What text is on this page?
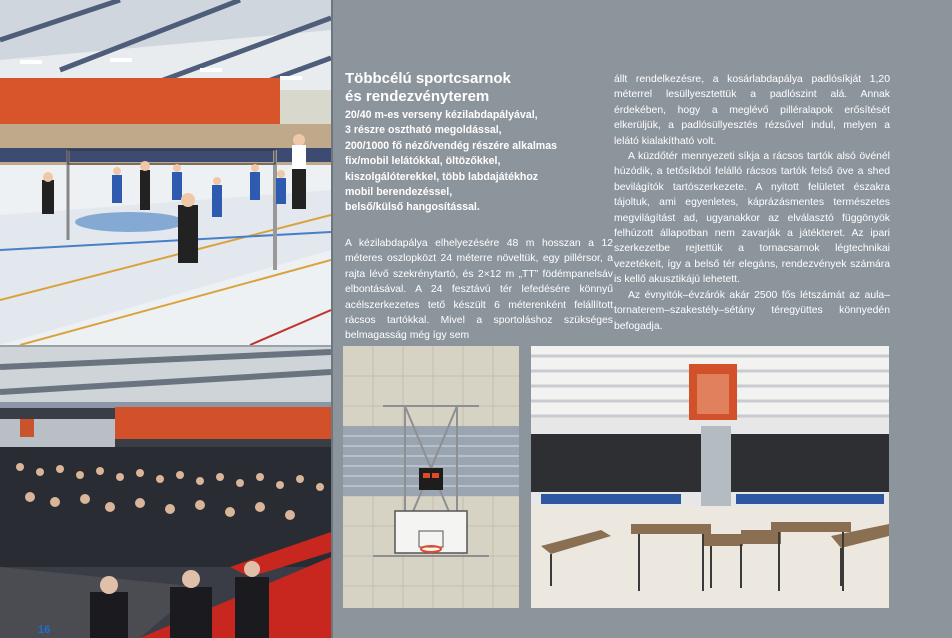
16
Többcélú sportcsarnok
és rendezvényterem
20/40 m-es verseny kézilabdapályával,
3 részre osztható megoldással,
200/1000 fő néző/vendég részére alkalmas
fix/mobil lelátókkal, öltözőkkel,
kiszolgálóterekkel, több labdajátékhoz
mobil berendezéssel,
belső/külső hangosítással.

A kézilabdapálya elhelyezésére 48 m hosszan a 12 méteres oszlopközt 24 méterre növeltük, egy pillérsor, a rajta lévő szekrénytartó, és 2×12 m „TT” födémpanelsáv elbontásával. A 24 fesztávú tér lefedésére könnyű acélszerkezetes tető készült 6 méterenként felállított rácsos tartókkal. Mivel a sportoláshoz szükséges belmagasság még így sem

állt rendelkezésre, a kosárlabdapálya padlósíkját 1,20 méterrel lesüllyesztettük a padlószint alá. Annak érdekében, hogy a meglévő pilléralapok erősítését elkerüljük, a padlósüllyesztés rézsűvel indul, melyen a lelátó kialakítható volt.

A küzdőtér mennyezeti síkja a rácsos tartók alsó övénél húzódik, a tetősíkból felálló rácsos tartók felső öve a shed bevilágítók tartószerkezete. A nyitott felületet északra tájoltuk, ami egyenletes, káprázásmentes természetes megvilágítást ad, ugyanakkor az elválasztó függönyök felhúzott állapotban nem zavarják a játékteret. Az ipari szerkezetbe rejtettük a tornacsarnok légtechnikai vezetékeit, így a belső tér elegáns, rendezvények számára is kellő akusztikájú lehetett.

Az évnyitók–évzárók akár 2500 fős létszámát az aula–tornaterem–szakestély–sétány téregyüttes könnyedén befogadja.
